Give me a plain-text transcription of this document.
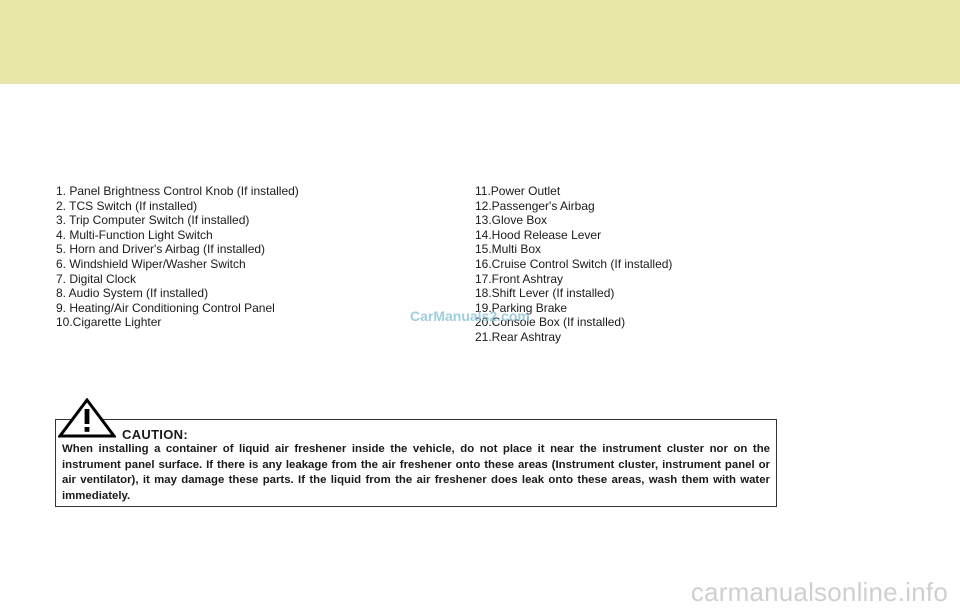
1. Panel Brightness Control Knob (If installed)
2. TCS Switch (If installed)
3. Trip Computer Switch (If installed)
4. Multi-Function Light Switch
5. Horn and Driver's Airbag (If installed)
6. Windshield Wiper/Washer Switch
7. Digital Clock
8. Audio System (If installed)
9. Heating/Air Conditioning Control Panel
10.Cigarette Lighter
11.Power Outlet
12.Passenger's Airbag
13.Glove Box
14.Hood Release Lever
15.Multi Box
16.Cruise Control Switch (If installed)
17.Front Ashtray
18.Shift Lever (If installed)
19.Parking Brake
20.Console Box (If installed)
21.Rear Ashtray
CarManuals2.com
CAUTION:
When installing a container of liquid air freshener inside the vehicle, do not place it near the instrument cluster nor on the instrument panel surface. If there is any leakage from the air freshener onto these areas (Instrument cluster, instrument panel or air ventilator), it may damage these parts. If the liquid from the air freshener does leak onto these areas, wash them with water immediately.
carmanualsonline.info
